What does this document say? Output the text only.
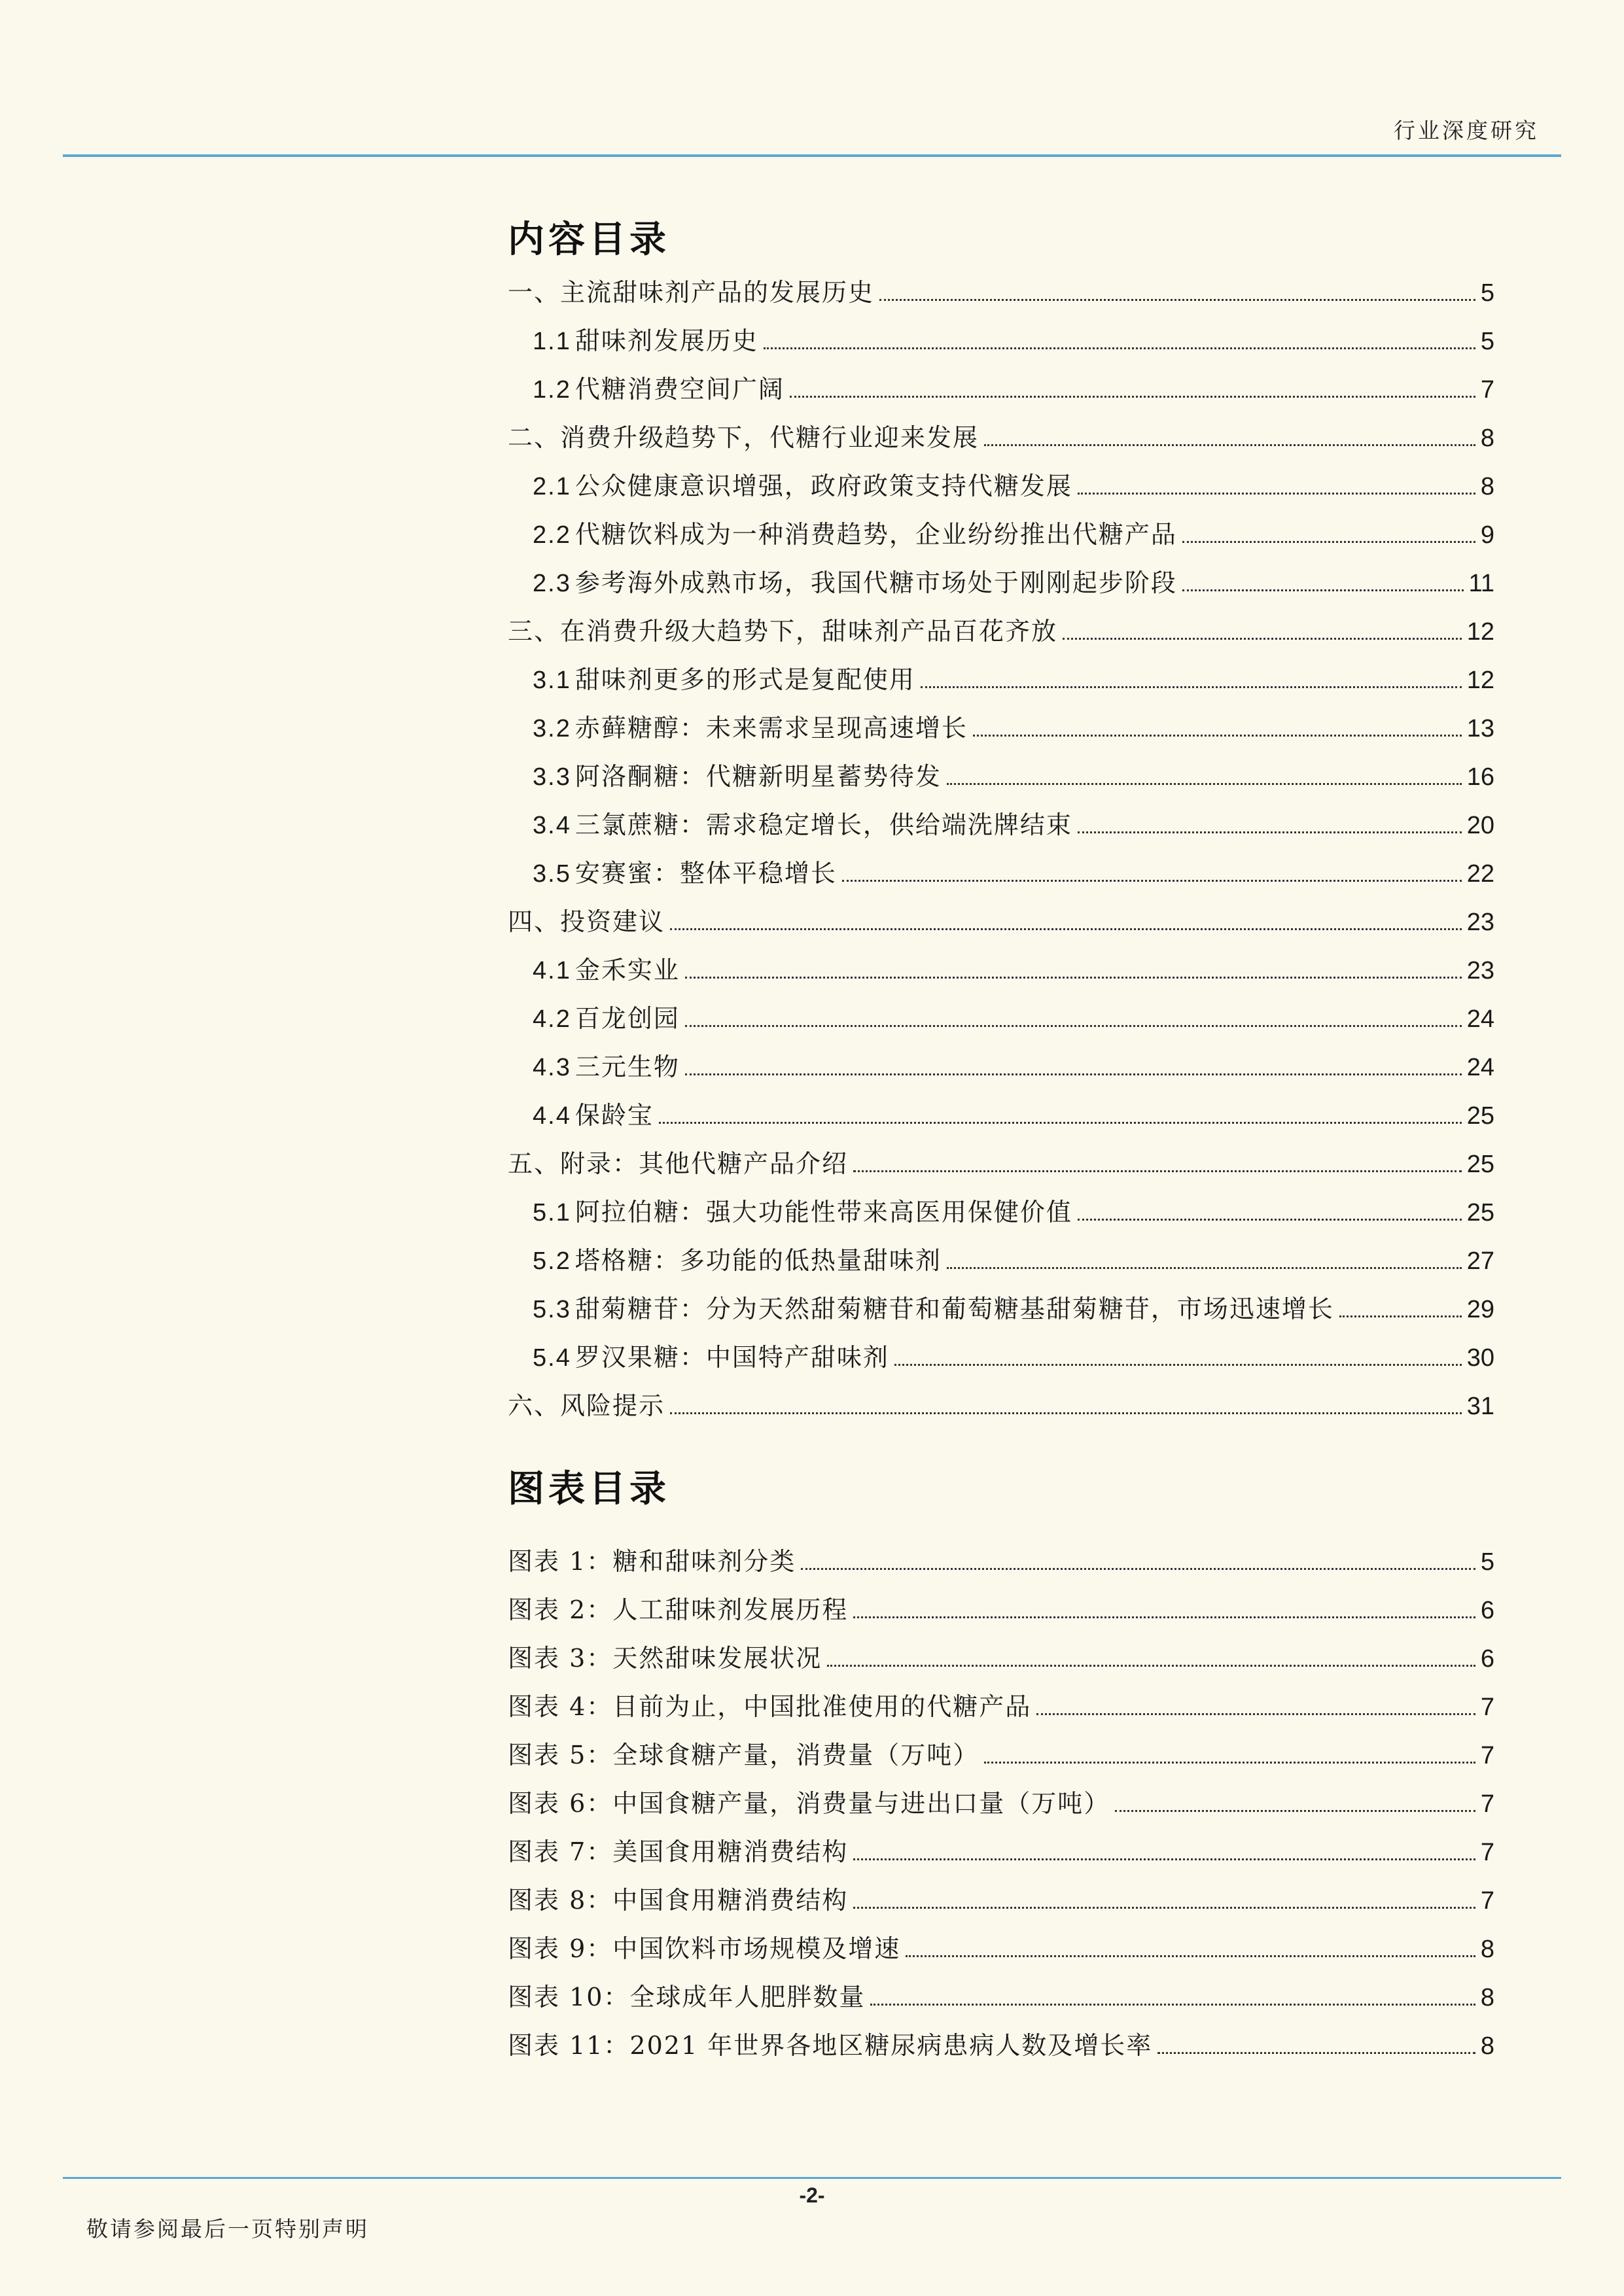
行业深度研究
内容目录
一、主流甜味剂产品的发展历史	5
1.1 甜味剂发展历史	5
1.2 代糖消费空间广阔	7
二、消费升级趋势下，代糖行业迎来发展	8
2.1 公众健康意识增强，政府政策支持代糖发展	8
2.2 代糖饮料成为一种消费趋势，企业纷纷推出代糖产品	9
2.3 参考海外成熟市场，我国代糖市场处于刚刚起步阶段	11
三、在消费升级大趋势下，甜味剂产品百花齐放	12
3.1 甜味剂更多的形式是复配使用	12
3.2 赤藓糖醇：未来需求呈现高速增长	13
3.3 阿洛酮糖：代糖新明星蓄势待发	16
3.4 三氯蔗糖：需求稳定增长，供给端洗牌结束	20
3.5 安赛蜜：整体平稳增长	22
四、投资建议	23
4.1 金禾实业	23
4.2 百龙创园	24
4.3 三元生物	24
4.4 保龄宝	25
五、附录：其他代糖产品介绍	25
5.1 阿拉伯糖：强大功能性带来高医用保健价值	25
5.2 塔格糖：多功能的低热量甜味剂	27
5.3 甜菊糖苷：分为天然甜菊糖苷和葡萄糖基甜菊糖苷，市场迅速增长	29
5.4 罗汉果糖：中国特产甜味剂	30
六、风险提示	31
图表目录
图表 1：糖和甜味剂分类	5
图表 2：人工甜味剂发展历程	6
图表 3：天然甜味发展状况	6
图表 4：目前为止，中国批准使用的代糖产品	7
图表 5：全球食糖产量，消费量（万吨）	7
图表 6：中国食糖产量，消费量与进出口量（万吨）	7
图表 7：美国食用糖消费结构	7
图表 8：中国食用糖消费结构	7
图表 9：中国饮料市场规模及增速	8
图表 10：全球成年人肥胖数量	8
图表 11：2021 年世界各地区糖尿病患病人数及增长率	8
-2-
敬请参阅最后一页特别声明
